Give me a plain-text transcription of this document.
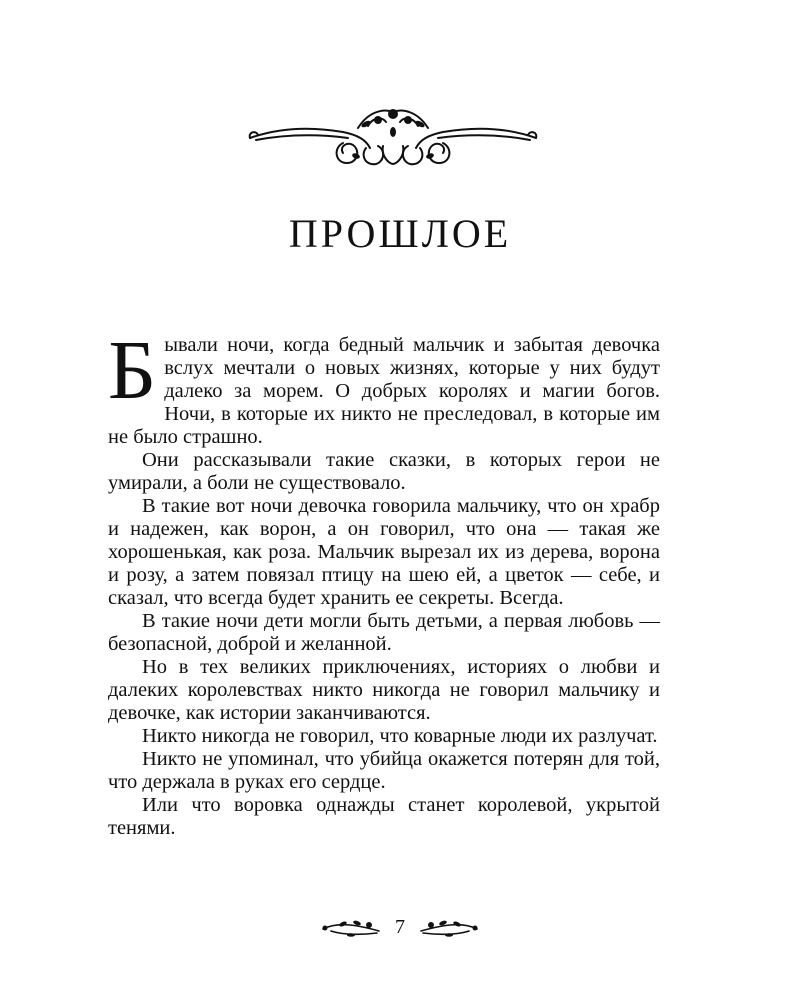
ПРОШЛОЕ

Бывали ночи, когда бедный мальчик и забытая девочка вслух мечтали о новых жизнях, которые у них будут далеко за морем. О добрых королях и магии богов. Ночи, в которые их никто не преследовал, в которые им не было страшно.

Они рассказывали такие сказки, в которых герои не умирали, а боли не существовало.

В такие вот ночи девочка говорила мальчику, что он храбр и надежен, как ворон, а он говорил, что она — такая же хорошенькая, как роза. Мальчик вырезал их из дерева, ворона и розу, а затем повязал птицу на шею ей, а цветок — себе, и сказал, что всегда будет хранить ее секреты. Всегда.

В такие ночи дети могли быть детьми, а первая любовь — безопасной, доброй и желанной.

Но в тех великих приключениях, историях о любви и далеких королевствах никто никогда не говорил мальчику и девочке, как истории заканчиваются.

Никто никогда не говорил, что коварные люди их разлучат.

Никто не упоминал, что убийца окажется потерян для той, что держала в руках его сердце.

Или что воровка однажды станет королевой, укрытой тенями.

7
